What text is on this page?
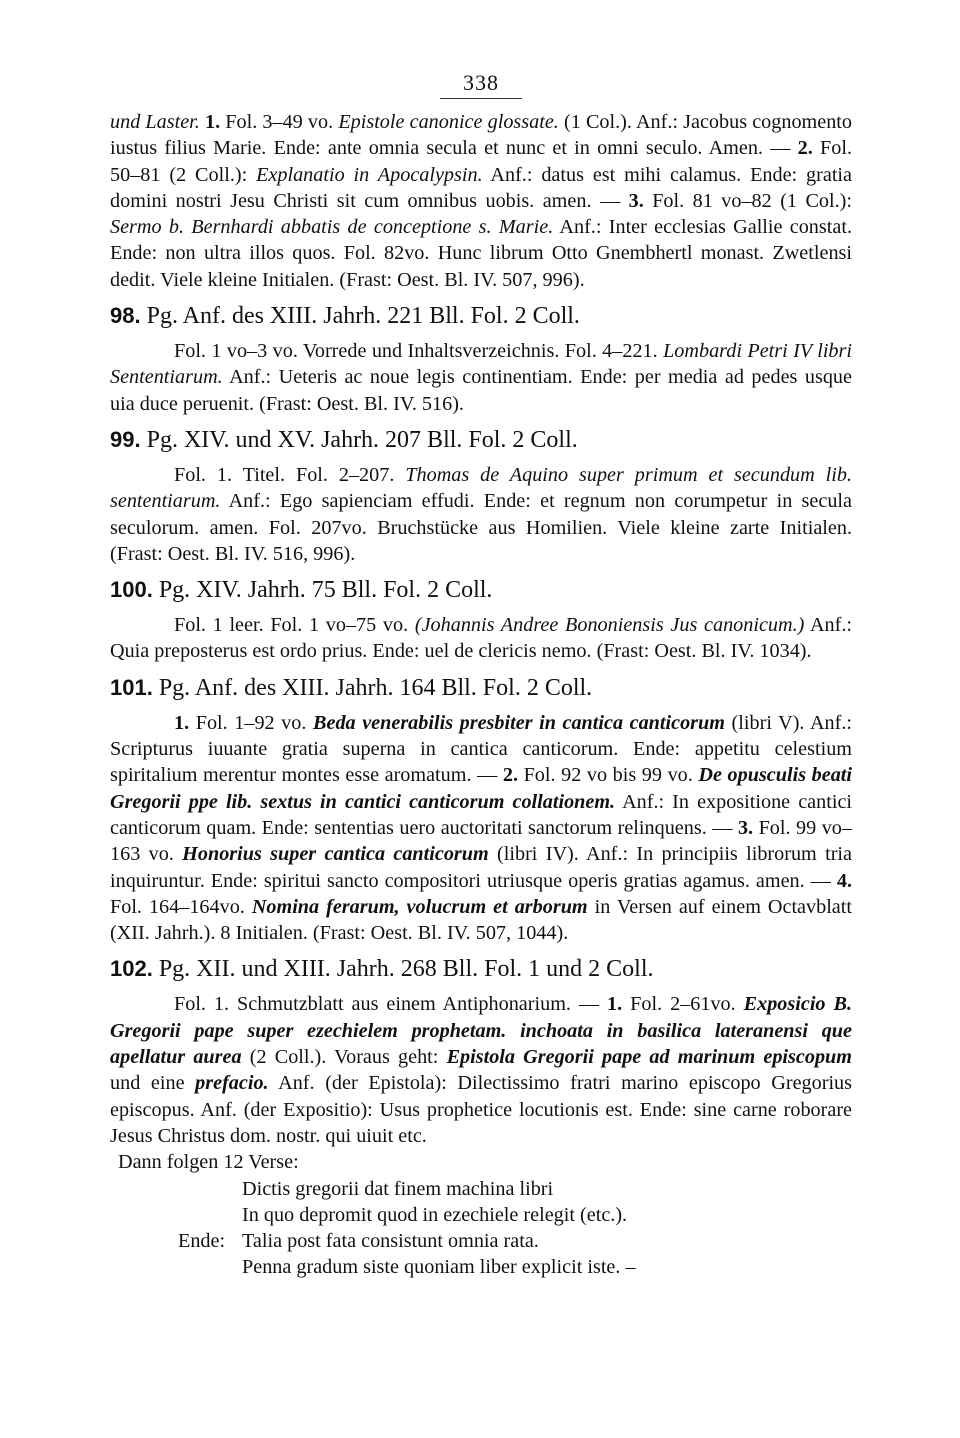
338

und Laster. 1. Fol. 3–49 vo. Epistole canonice glossate. (1 Col.). Anf.: Jacobus cognomento iustus filius Marie. Ende: ante omnia secula et nunc et in omni seculo. Amen. — 2. Fol. 50–81 (2 Coll.): Explanatio in Apocalypsin. Anf.: datus est mihi calamus. Ende: gratia domini nostri Jesu Christi sit cum omnibus uobis. amen. — 3. Fol. 81 vo–82 (1 Col.): Sermo b. Bernhardi abbatis de conceptione s. Marie. Anf.: Inter ecclesias Gallie constat. Ende: non ultra illos quos. Fol. 82vo. Hunc librum Otto Gnembhertl monast. Zwetlensi dedit. Viele kleine Initialen. (Frast: Oest. Bl. IV. 507, 996).

98. Pg. Anf. des XIII. Jahrh. 221 Bll. Fol. 2 Coll.

Fol. 1 vo–3 vo. Vorrede und Inhaltsverzeichnis. Fol. 4–221. Lombardi Petri IV libri Sententiarum. Anf.: Ueteris ac noue legis continentiam. Ende: per media ad pedes usque uia duce peruenit. (Frast: Oest. Bl. IV. 516).

99. Pg. XIV. und XV. Jahrh. 207 Bll. Fol. 2 Coll.

Fol. 1. Titel. Fol. 2–207. Thomas de Aquino super primum et secundum lib. sententiarum. Anf.: Ego sapienciam effudi. Ende: et regnum non corumpetur in secula seculorum. amen. Fol. 207vo. Bruchstücke aus Homilien. Viele kleine zarte Initialen. (Frast: Oest. Bl. IV. 516, 996).

100. Pg. XIV. Jahrh. 75 Bll. Fol. 2 Coll.

Fol. 1 leer. Fol. 1 vo–75 vo. (Johannis Andree Bononiensis Jus canonicum.) Anf.: Quia preposterus est ordo prius. Ende: uel de clericis nemo. (Frast: Oest. Bl. IV. 1034).

101. Pg. Anf. des XIII. Jahrh. 164 Bll. Fol. 2 Coll.

1. Fol. 1–92 vo. Beda venerabilis presbiter in cantica canticorum (libri V). Anf.: Scripturus iuuante gratia superna in cantica canticorum. Ende: appetitu celestium spiritalium merentur montes esse aromatum. — 2. Fol. 92 vo bis 99 vo. De opusculis beati Gregorii ppe lib. sextus in cantici canticorum collationem. Anf.: In expositione cantici canticorum quam. Ende: sententias uero auctoritati sanctorum relinquens. — 3. Fol. 99 vo–163 vo. Honorius super cantica canticorum (libri IV). Anf.: In principiis librorum tria inquiruntur. Ende: spiritui sancto compositori utriusque operis gratias agamus. amen. — 4. Fol. 164–164vo. Nomina ferarum, volucrum et arborum in Versen auf einem Octavblatt (XII. Jahrh.). 8 Initialen. (Frast: Oest. Bl. IV. 507, 1044).

102. Pg. XII. und XIII. Jahrh. 268 Bll. Fol. 1 und 2 Coll.

Fol. 1. Schmutzblatt aus einem Antiphonarium. — 1. Fol. 2–61vo. Exposicio B. Gregorii pape super ezechielem prophetam. inchoata in basilica lateranensi que apellatur aurea (2 Coll.). Voraus geht: Epistola Gregorii pape ad marinum episcopum und eine prefacio. Anf. (der Epistola): Dilectissimo fratri marino episcopo Gregorius episcopus. Anf. (der Expositio): Usus prophetice locutionis est. Ende: sine carne roborare Jesus Christus dom. nostr. qui uiuit etc.

Dann folgen 12 Verse:
Dictis gregorii dat finem machina libri
In quo depromit quod in ezechiele relegit (etc.).
Ende: Talia post fata consistunt omnia rata.
Penna gradum siste quoniam liber explicit iste. –
